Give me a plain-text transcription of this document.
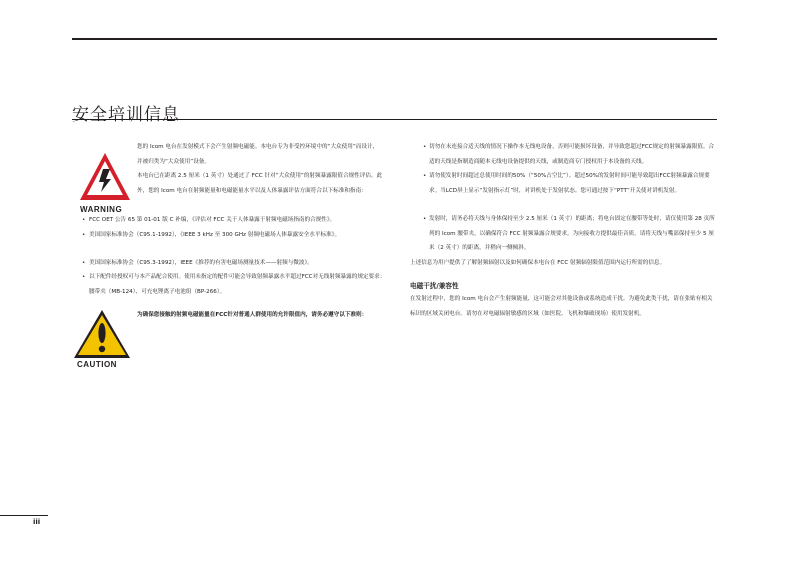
安全培训信息
WARNING
CAUTION

您的 Icom 电台在发射模式下会产生射频电磁能。本电台专为非受控环境中的“大众使用”而设计，并被归类为“大众使用”设备。

本电台已在距离 2.5 厘米（1 英寸）处通过了 FCC 针对“大众使用”的射频暴露限值合规性评估。此外，您的 Icom 电台在射频能量和电磁能量水平以及人体暴露评估方面符合以下标准和指南：

• FCC OET 公告 65 第 01-01 版 C 补编，《评估对 FCC 关于人体暴露于射频电磁场指南的合规性》。

• 美国国家标准协会（C95.1-1992），《IEEE 3 kHz 至 300 GHz 射频电磁场人体暴露安全水平标准》。

• 美国国家标准协会（C95.3-1992），IEEE《推荐的有害电磁场测量技术——射频与微波》。

• 以下配件经授权可与本产品配合使用。使用未指定的配件可能会导致射频暴露水平超过FCC对无线射频暴露的规定要求：腰带夹（MB-124）、可充电锂离子电池组（BP-266）。

为确保您接触的射频电磁能量在FCC针对普通人群使用的允许限值内，请务必遵守以下准则：

• 切勿在未连接合适天线的情况下操作本无线电设备，否则可能损坏设备，并导致您超过FCC规定的射频暴露限值。合适的天线是指制造商随本无线电设备提供的天线，或制造商专门授权用于本设备的天线。

• 请勿使发射时间超过总使用时间的50%（“50%占空比”）。超过50%的发射时间可能导致超出FCC射频暴露合规要求。当LCD屏上显示“发射指示灯”时，对讲机处于发射状态。您可通过按下“PTT”开关使对讲机发射。

• 发射时，请务必将天线与身体保持至少 2.5 厘米（1 英寸）的距离；将电台固定在腰带等处时，请仅使用第 28 页所列的 Icom 腰带夹，以确保符合 FCC 射频暴露合规要求。为向接收方提供最佳音质，请将天线与嘴部保持至少 5 厘米（2 英寸）的距离，并稍向一侧倾斜。

上述信息为用户提供了了解射频辐射以及如何确保本电台在 FCC 射频辐射限值范围内运行所需的信息。

电磁干扰/兼容性

在发射过程中，您的 Icom 电台会产生射频能量，这可能会对其他设备或系统造成干扰。为避免此类干扰，请在张贴有相关标识的区域关闭电台。请勿在对电磁辐射敏感的区域（如医院、飞机和爆破现场）使用发射机。

iii
